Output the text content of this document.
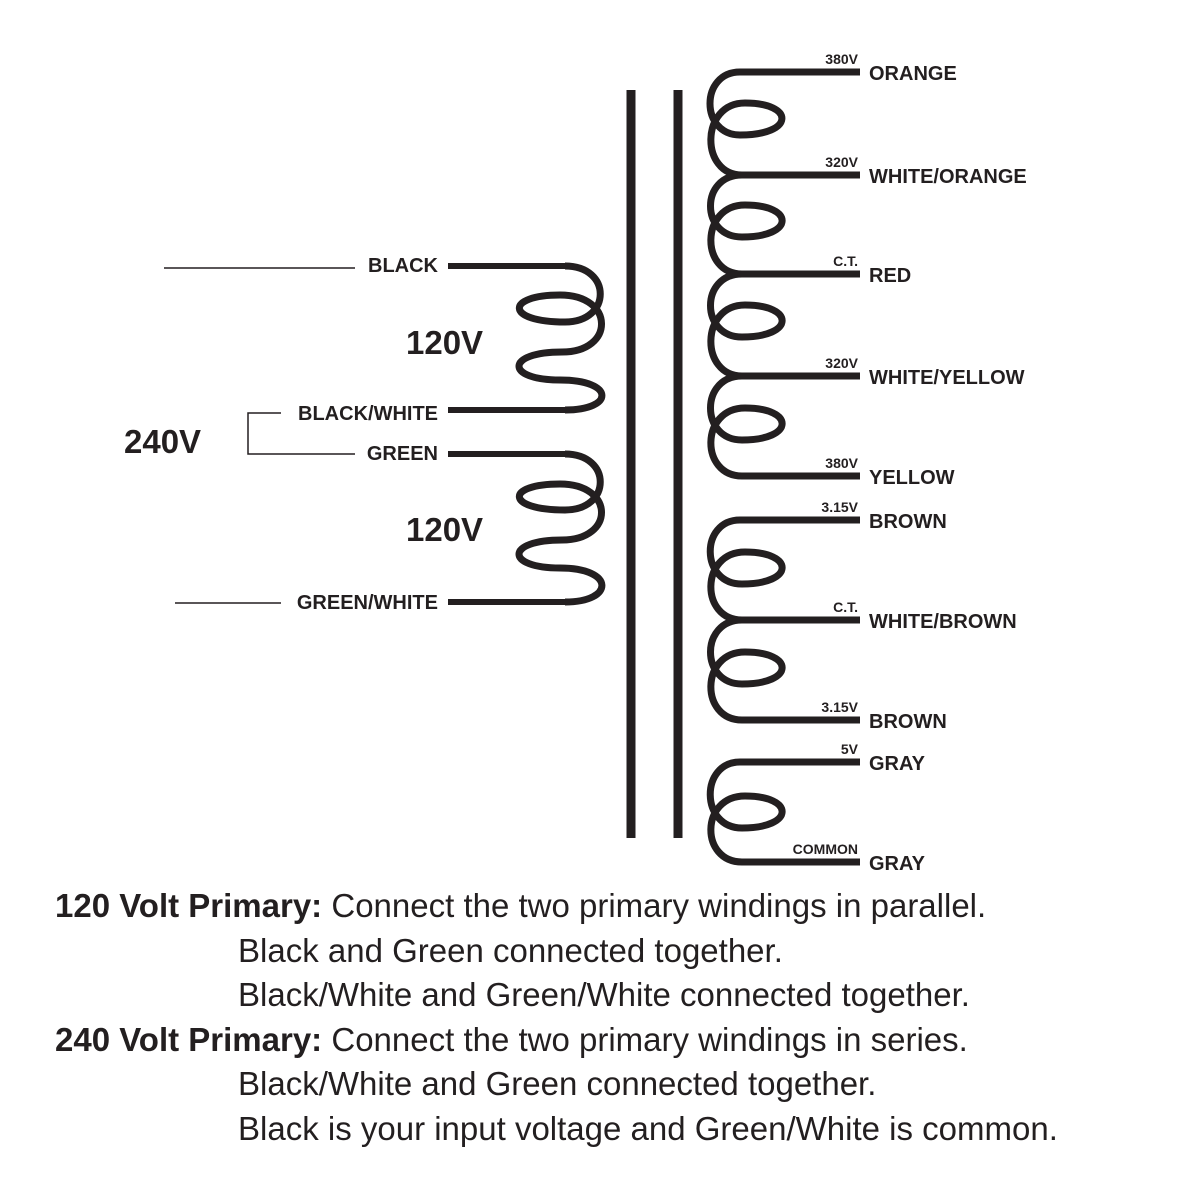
BLACK
BLACK/WHITE
GREEN
GREEN/WHITE
120V
120V
240V
380V
ORANGE
320V
WHITE/ORANGE
C.T.
RED
320V
WHITE/YELLOW
380V
YELLOW
3.15V
BROWN
C.T.
WHITE/BROWN
3.15V
BROWN
5V
GRAY
COMMON
GRAY
120 Volt Primary: Connect the two primary windings in parallel.
Black and Green connected together.
Black/White and Green/White connected together.
240 Volt Primary: Connect the two primary windings in series.
Black/White and Green connected together.
Black is your input voltage and Green/White is common.
